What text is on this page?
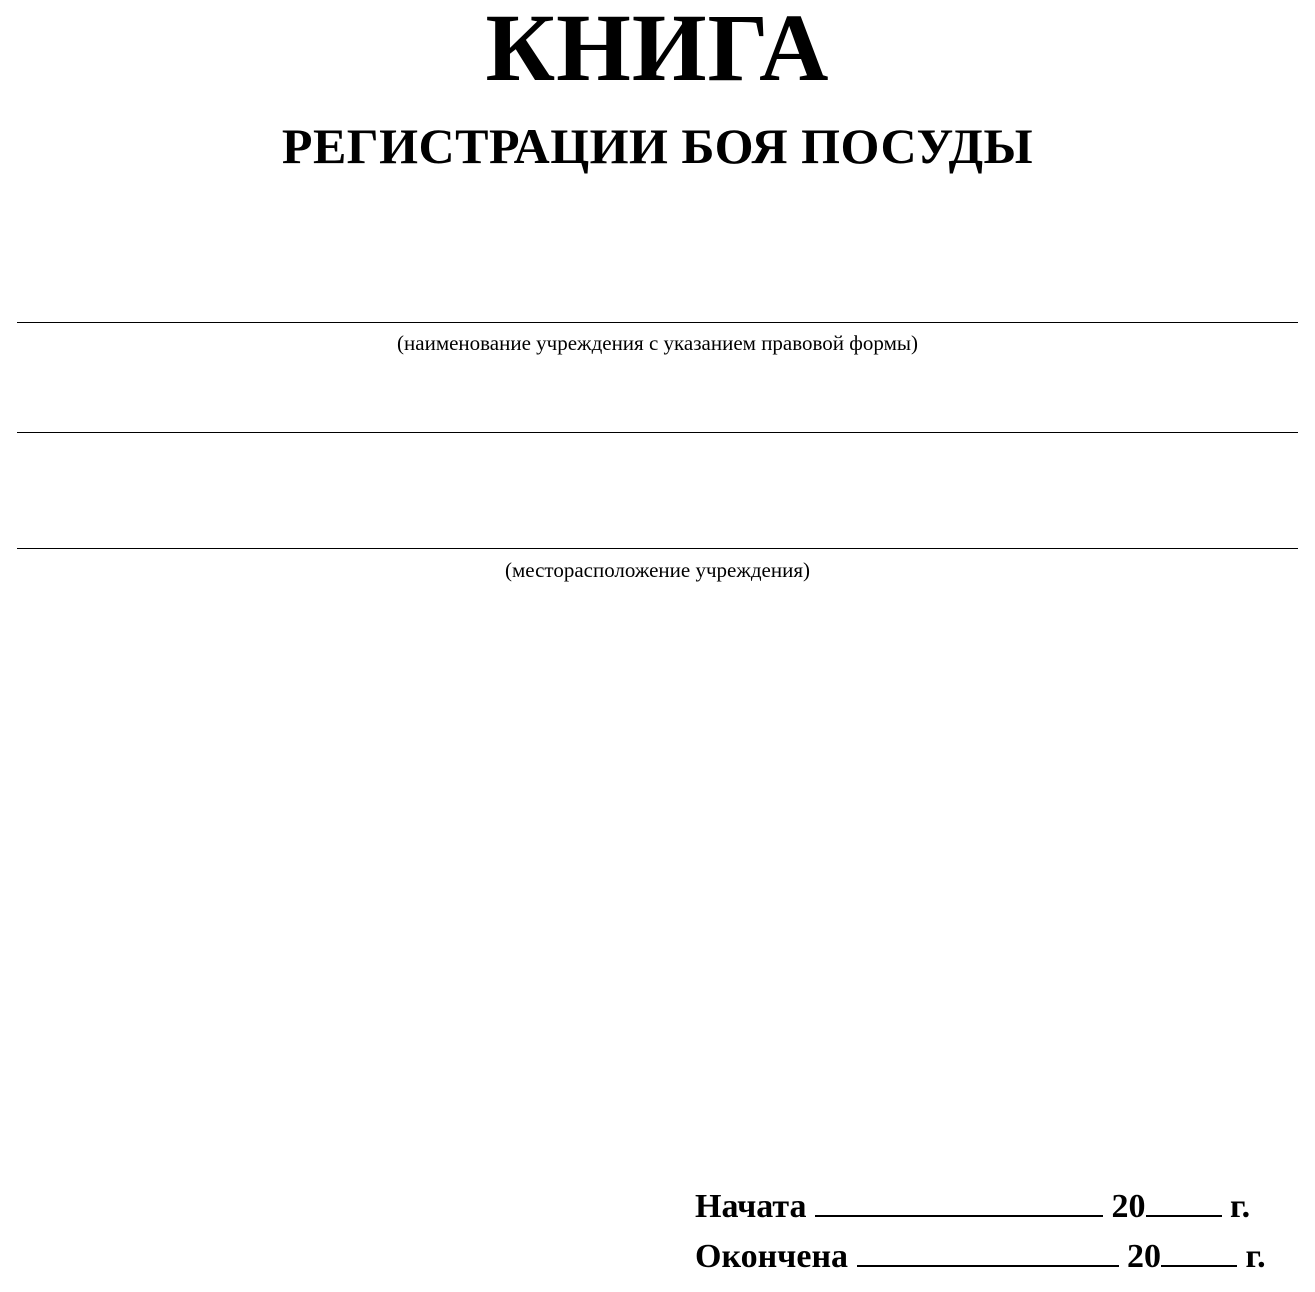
КНИГА
РЕГИСТРАЦИИ БОЯ ПОСУДЫ
(наименование учреждения с указанием правовой формы)
(месторасположение учреждения)
Начата	20 г.
Окончена	20 г.
